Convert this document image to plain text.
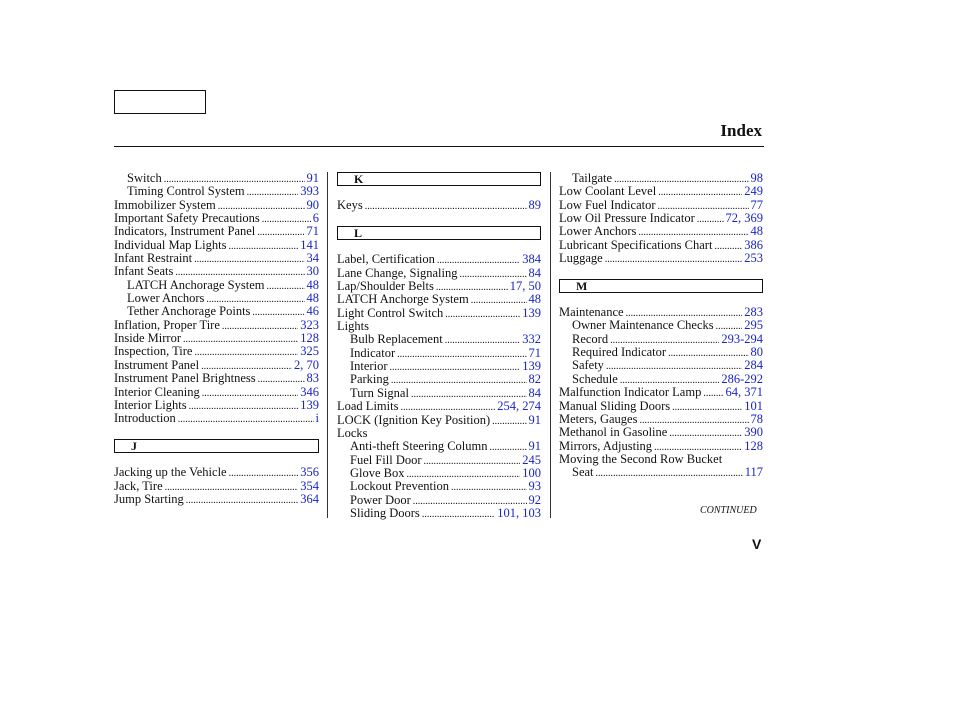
Index
Switch .....	91
Timing Control System .....	393
Immobilizer System .....	90
Important Safety Precautions .....	6
Indicators, Instrument Panel .....	71
Individual Map Lights .....	141
Infant Restraint .....	34
Infant Seats .....	30
LATCH Anchorage System .....	48
Lower Anchors .....	48
Tether Anchorage Points .....	46
Inflation, Proper Tire .....	323
Inside Mirror .....	128
Inspection, Tire .....	325
Instrument Panel .....	2, 70
Instrument Panel Brightness .....	83
Interior Cleaning .....	346
Interior Lights .....	139
Introduction .....	i
J
Jacking up the Vehicle .....	356
Jack, Tire .....	354
Jump Starting .....	364
K
Keys .....	89
L
Label, Certification .....	384
Lane Change, Signaling .....	84
Lap/Shoulder Belts .....	17, 50
LATCH Anchorge System .....	48
Light Control Switch .....	139
Lights
Bulb Replacement .....	332
Indicator .....	71
Interior .....	139
Parking .....	82
Turn Signal .....	84
Load Limits .....	254, 274
LOCK (Ignition Key Position) .....	91
Locks
Anti-theft Steering Column .....	91
Fuel Fill Door .....	245
Glove Box .....	100
Lockout Prevention .....	93
Power Door .....	92
Sliding Doors .....	101, 103
Tailgate .....	98
Low Coolant Level .....	249
Low Fuel Indicator .....	77
Low Oil Pressure Indicator ..... 72, 369
Lower Anchors .....	48
Lubricant Specifications Chart .....	386
Luggage .....	253
M
Maintenance .....	283
Owner Maintenance Checks ..... 295
Record .....	293-294
Required Indicator .....	80
Safety .....	284
Schedule .....	286-292
Malfunction Indicator Lamp ..... 64, 371
Manual Sliding Doors .....	101
Meters, Gauges .....	78
Methanol in Gasoline .....	390
Mirrors, Adjusting .....	128
Moving the Second Row Bucket
Seat .....	117
CONTINUED
V
